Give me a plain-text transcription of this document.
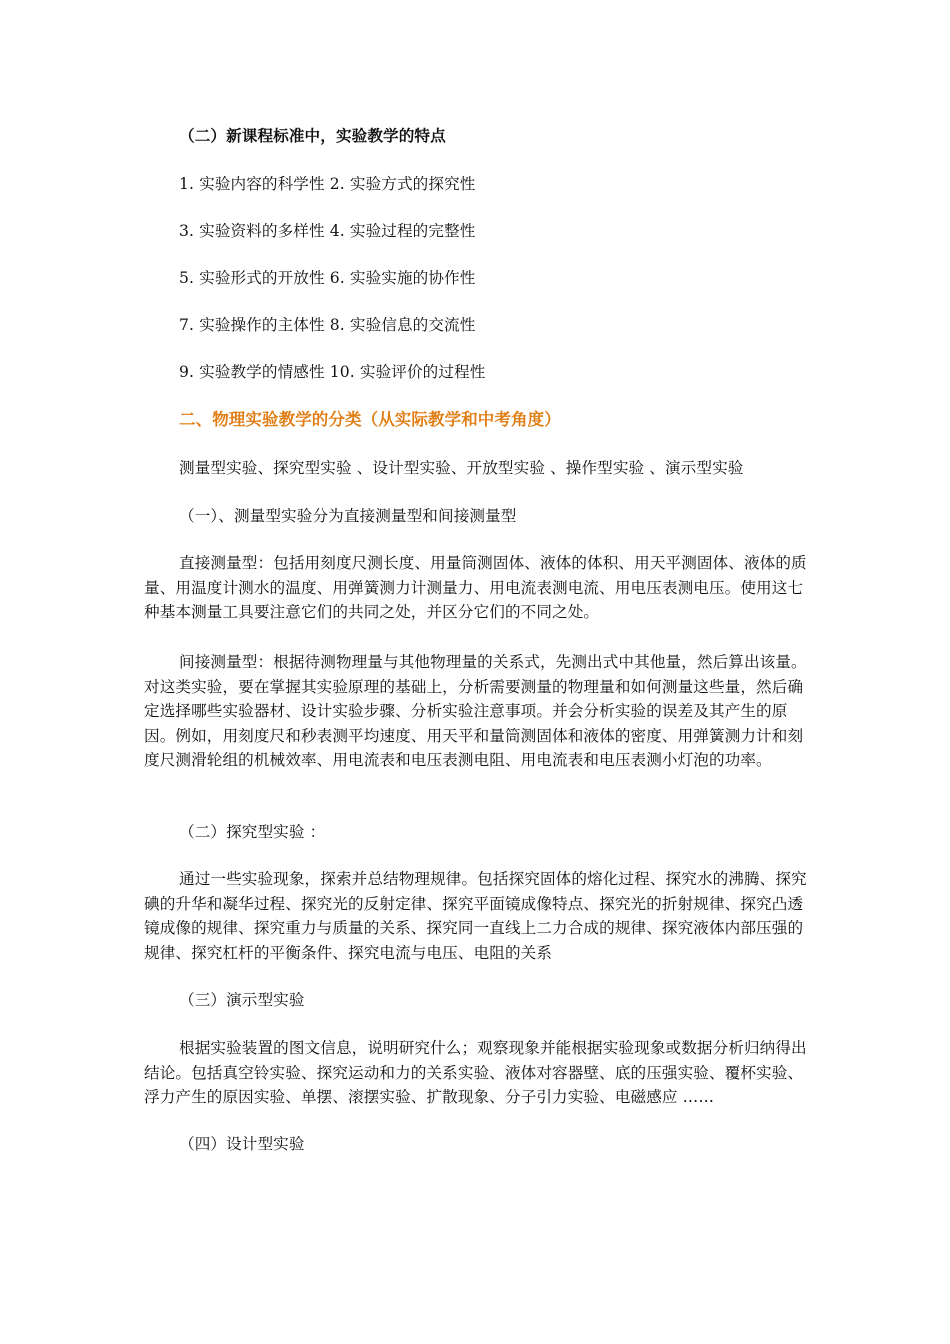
（二）新课程标准中，实验教学的特点
1. 实验内容的科学性 2. 实验方式的探究性
3. 实验资料的多样性 4. 实验过程的完整性
5. 实验形式的开放性 6. 实验实施的协作性
7. 实验操作的主体性 8. 实验信息的交流性
9. 实验教学的情感性 10. 实验评价的过程性
二、物理实验教学的分类（从实际教学和中考角度）
测量型实验、探究型实验 、设计型实验、开放型实验 、操作型实验 、演示型实验
（一）、测量型实验分为直接测量型和间接测量型

直接测量型：包括用刻度尺测长度、用量筒测固体、液体的体积、用天平测固体、液体的质量、用温度计测水的温度、用弹簧测力计测量力、用电流表测电流、用电压表测电压。使用这七种基本测量工具要注意它们的共同之处，并区分它们的不同之处。

间接测量型：根据待测物理量与其他物理量的关系式，先测出式中其他量，然后算出该量。对这类实验，要在掌握其实验原理的基础上，分析需要测量的物理量和如何测量这些量，然后确定选择哪些实验器材、设计实验步骤、分析实验注意事项。并会分析实验的误差及其产生的原因。例如，用刻度尺和秒表测平均速度、用天平和量筒测固体和液体的密度、用弹簧测力计和刻度尺测滑轮组的机械效率、用电流表和电压表测电阻、用电流表和电压表测小灯泡的功率。

（二）探究型实验 ：

通过一些实验现象，探索并总结物理规律。包括探究固体的熔化过程、探究水的沸腾、探究碘的升华和凝华过程、探究光的反射定律、探究平面镜成像特点、探究光的折射规律、探究凸透镜成像的规律、探究重力与质量的关系、探究同一直线上二力合成的规律、探究液体内部压强的规律、探究杠杆的平衡条件、探究电流与电压、电阻的关系

（三）演示型实验

根据实验装置的图文信息，说明研究什么；观察现象并能根据实验现象或数据分析归纳得出结论。包括真空铃实验、探究运动和力的关系实验、液体对容器壁、底的压强实验、覆杯实验、浮力产生的原因实验、单摆、滚摆实验、扩散现象、分子引力实验、电磁感应 ……

（四）设计型实验
